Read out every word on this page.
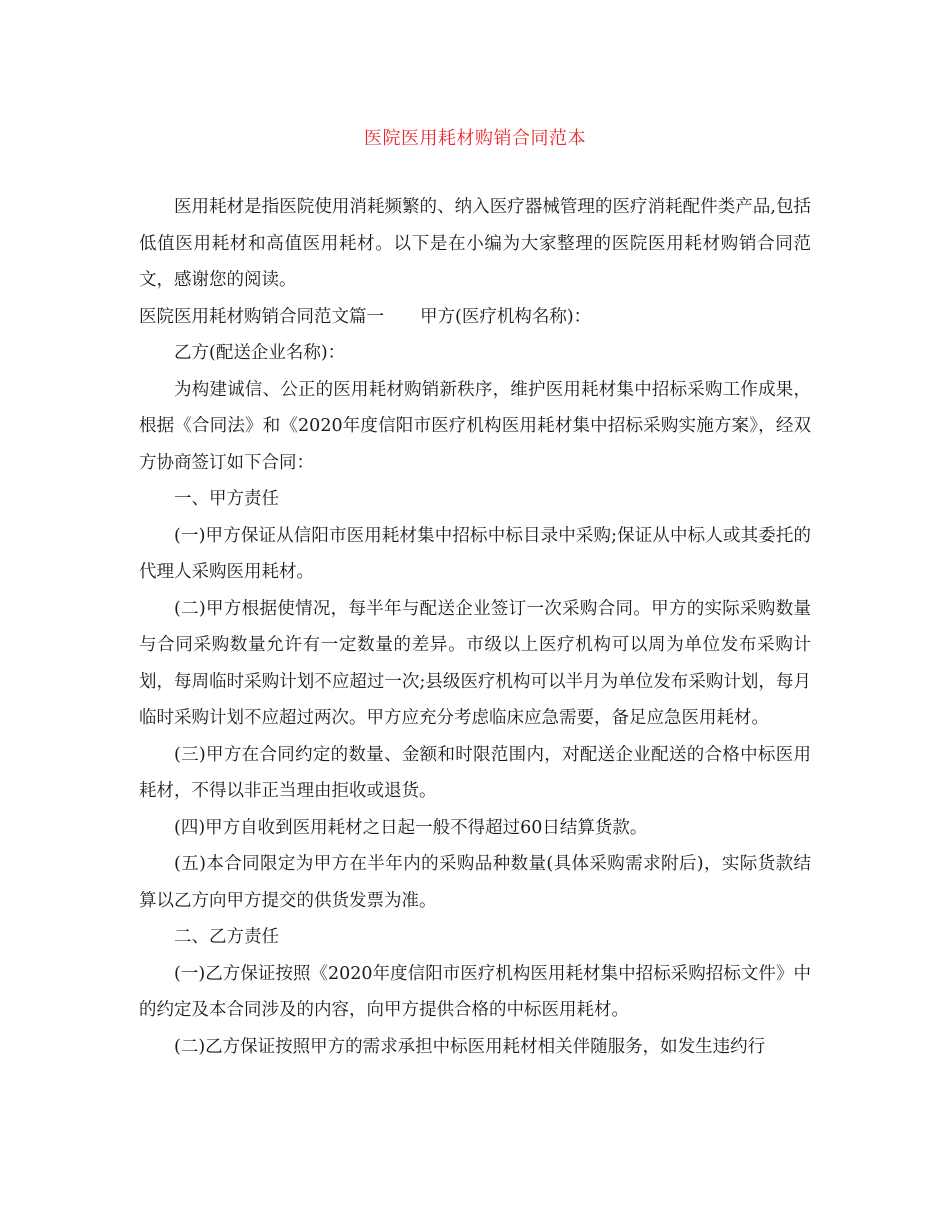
医院医用耗材购销合同范本

医用耗材是指医院使用消耗频繁的、纳入医疗器械管理的医疗消耗配件类产品,包括低值医用耗材和高值医用耗材。以下是在小编为大家整理的医院医用耗材购销合同范文，感谢您的阅读。

医院医用耗材购销合同范文篇一 甲方(医疗机构名称)：

乙方(配送企业名称)：

为构建诚信、公正的医用耗材购销新秩序，维护医用耗材集中招标采购工作成果，根据《合同法》和《2020年度信阳市医疗机构医用耗材集中招标采购实施方案》，经双方协商签订如下合同：

一、甲方责任

(一)甲方保证从信阳市医用耗材集中招标中标目录中采购;保证从中标人或其委托的代理人采购医用耗材。

(二)甲方根据使情况，每半年与配送企业签订一次采购合同。甲方的实际采购数量与合同采购数量允许有一定数量的差异。市级以上医疗机构可以周为单位发布采购计划，每周临时采购计划不应超过一次;县级医疗机构可以半月为单位发布采购计划，每月临时采购计划不应超过两次。甲方应充分考虑临床应急需要，备足应急医用耗材。

(三)甲方在合同约定的数量、金额和时限范围内，对配送企业配送的合格中标医用耗材，不得以非正当理由拒收或退货。

(四)甲方自收到医用耗材之日起一般不得超过60日结算货款。

(五)本合同限定为甲方在半年内的采购品种数量(具体采购需求附后)，实际货款结算以乙方向甲方提交的供货发票为准。

二、乙方责任

(一)乙方保证按照《2020年度信阳市医疗机构医用耗材集中招标采购招标文件》中的约定及本合同涉及的内容，向甲方提供合格的中标医用耗材。

(二)乙方保证按照甲方的需求承担中标医用耗材相关伴随服务，如发生违约行
